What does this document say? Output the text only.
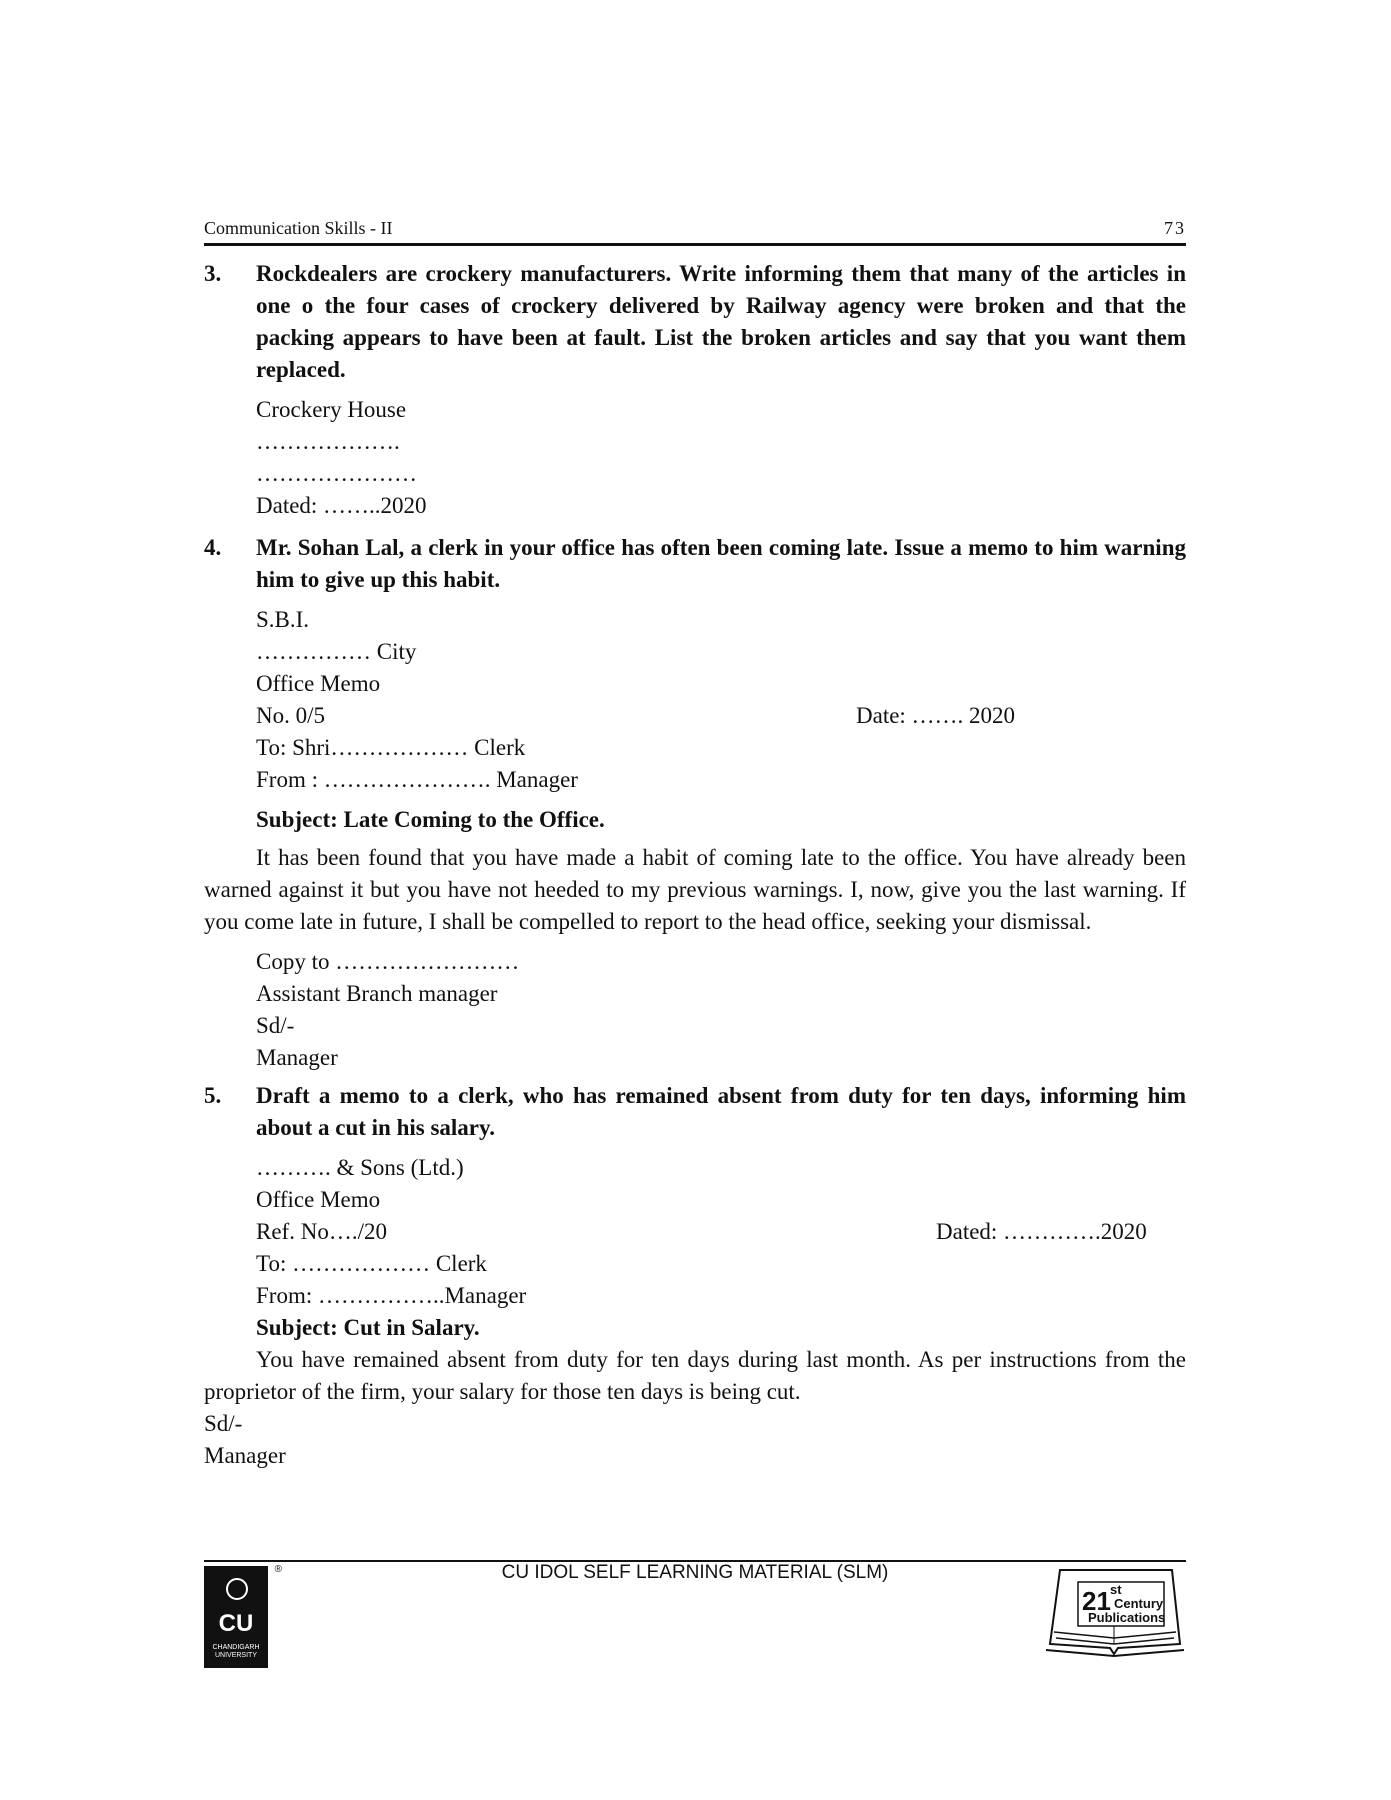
Communication Skills - II	73
3.	Rockdealers are crockery manufacturers. Write informing them that many of the articles in one o the four cases of crockery delivered by Railway agency were broken and that the packing appears to have been at fault. List the broken articles and say that you want them replaced.
Crockery House
……………….
…………………
Dated: ……..2020
4.	Mr. Sohan Lal, a clerk in your office has often been coming late. Issue a memo to him warning him to give up this habit.
S.B.I.
…………… City
Office Memo
No. 0/5	Date: ……. 2020
To: Shri……………… Clerk
From : …………………. Manager
Subject: Late Coming to the Office.
It has been found that you have made a habit of coming late to the office. You have already been warned against it but you have not heeded to my previous warnings. I, now, give you the last warning. If you come late in future, I shall be compelled to report to the head office, seeking your dismissal.
Copy to ……………………
Assistant Branch manager
Sd/-
Manager
5.	Draft a memo to a clerk, who has remained absent from duty for ten days, informing him about a cut in his salary.
………. & Sons (Ltd.)
Office Memo
Ref. No…./20	Dated: ………….2020
To: ……………… Clerk
From: ……………..Manager
Subject: Cut in Salary.
You have remained absent from duty for ten days during last month. As per instructions from the proprietor of the firm, your salary for those ten days is being cut.
Sd/-
Manager
CU IDOL SELF LEARNING MATERIAL (SLM)
®
CU
CHANDIGARH UNIVERSITY
21 st
Century
Publications
